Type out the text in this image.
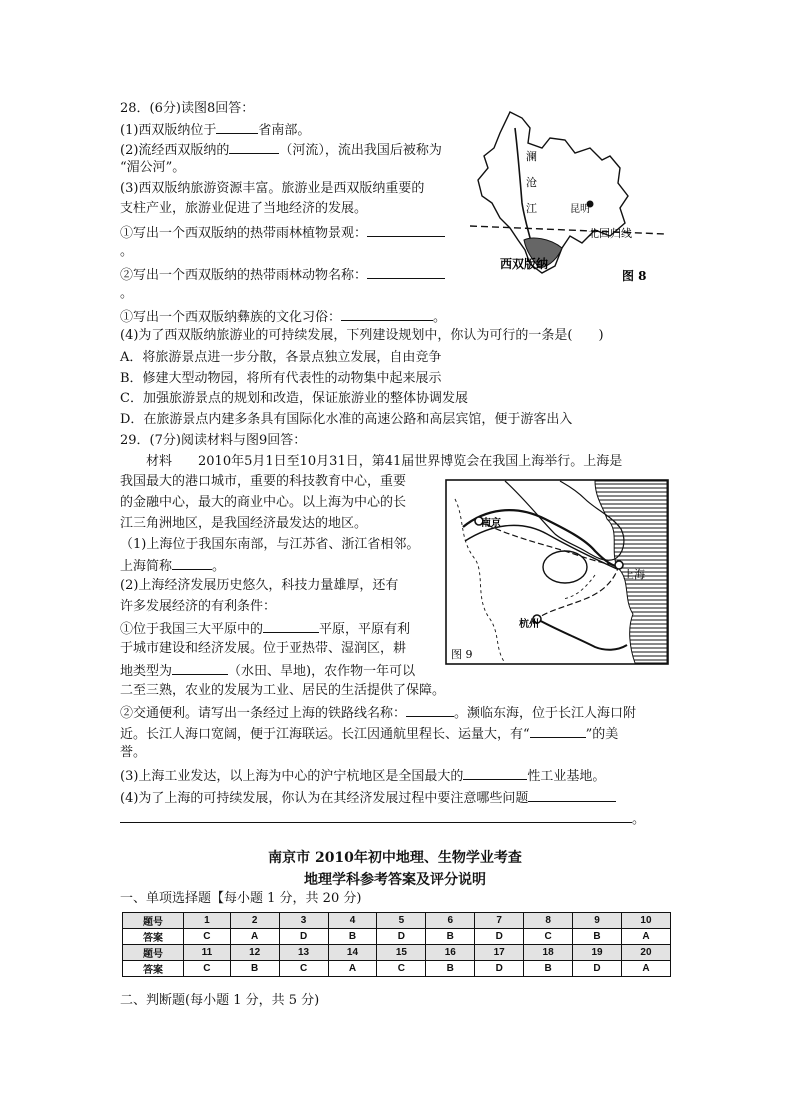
28．(6分)读图8回答：
(1)西双版纳位于	省南部。
(2)流经西双版纳的	（河流），流出我国后被称为
“湄公河”。
(3)西双版纳旅游资源丰富。旅游业是西双版纳重要的
支柱产业，旅游业促进了当地经济的发展。
①写出一个西双版纳的热带雨林植物景观：
。
②写出一个西双版纳的热带雨林动物名称：
。
①写出一个西双版纳彝族的文化习俗：	。
(4)为了西双版纳旅游业的可持续发展，下列建设规划中，你认为可行的一条是(　　)
A．将旅游景点进一步分散，各景点独立发展，自由竞争
B．修建大型动物园，将所有代表性的动物集中起来展示
C．加强旅游景点的规划和改造，保证旅游业的整体协调发展
D．在旅游景点内建多条具有国际化水准的高速公路和高层宾馆，便于游客出入
澜
沧
江	昆明
北回归线
西双版纳
图 8
29．(7分)阅读材料与图9回答：
材料　　2010年5月1日至10月31日，第41届世界博览会在我国上海举行。上海是
我国最大的港口城市，重要的科技教育中心，重要
的金融中心，最大的商业中心。以上海为中心的长
江三角洲地区，是我国经济最发达的地区。
（1)上海位于我国东南部，与江苏省、浙江省相邻。
上海简称	。
(2)上海经济发展历史悠久，科技力量雄厚，还有
许多发展经济的有利条件：
①位于我国三大平原中的	平原，平原有利
于城市建设和经济发展。位于亚热带、湿润区，耕
地类型为	（水田、旱地)，农作物一年可以
二至三熟，农业的发展为工业、居民的生活提供了保障。
②交通便利。请写出一条经过上海的铁路线名称：	。濒临东海，位于长江人海口附
近。长江人海口宽阔，便于江海联运。长江因通航里程长、运量大，有“	”的美
誉。
(3)上海工业发达，以上海为中心的沪宁杭地区是全国最大的	性工业基地。
(4)为了上海的可持续发展，你认为在其经济发展过程中要注意哪些问题
。
南京
上海
杭州
图 9
南京市 2010年初中地理、生物学业考查
地理学科参考答案及评分说明
一、单项选择题【每小题 1 分，共 20 分)
题号	1	2	3	4	5	6	7	8	9	10
答案	C	A	D	B	D	B	D	C	B	A
题号	11	12	13	14	15	16	17	18	19	20
答案	C	B	C	A	C	B	D	B	D	A
二、判断题(每小题 1 分，共 5 分)
